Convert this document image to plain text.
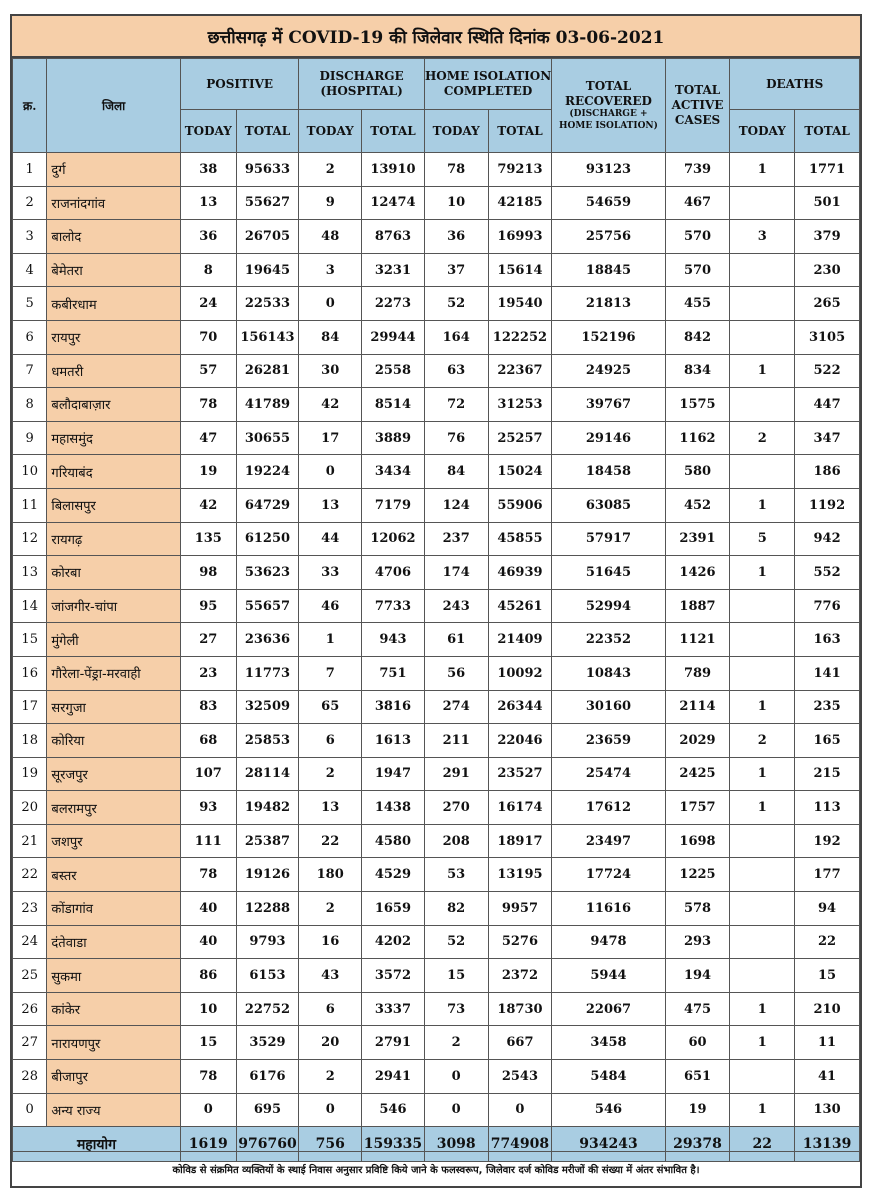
छत्तीसगढ़ में COVID-19 की जिलेवार स्थिति दिनांक 03-06-2021
क्र.	जिला	POSITIVE		DISCHARGE (HOSPITAL)		HOME ISOLATION COMPLETED		TOTAL RECOVERED
(DISCHARGE + HOME ISOLATION)	TOTAL ACTIVE CASES	DEATHS	
		TODAY	TOTAL	TODAY	TOTAL	TODAY	TOTAL			TODAY	TOTAL
1	दुर्ग	38	95633	2	13910	78	79213	93123	739	1	1771
2	राजनांदगांव	13	55627	9	12474	10	42185	54659	467		501
3	बालोद	36	26705	48	8763	36	16993	25756	570	3	379
4	बेमेतरा	8	19645	3	3231	37	15614	18845	570		230
5	कबीरधाम	24	22533	0	2273	52	19540	21813	455		265
6	रायपुर	70	156143	84	29944	164	122252	152196	842		3105
7	धमतरी	57	26281	30	2558	63	22367	24925	834	1	522
8	बलौदाबाज़ार	78	41789	42	8514	72	31253	39767	1575		447
9	महासमुंद	47	30655	17	3889	76	25257	29146	1162	2	347
10	गरियाबंद	19	19224	0	3434	84	15024	18458	580		186
11	बिलासपुर	42	64729	13	7179	124	55906	63085	452	1	1192
12	रायगढ़	135	61250	44	12062	237	45855	57917	2391	5	942
13	कोरबा	98	53623	33	4706	174	46939	51645	1426	1	552
14	जांजगीर-चांपा	95	55657	46	7733	243	45261	52994	1887		776
15	मुंगेली	27	23636	1	943	61	21409	22352	1121		163
16	गौरेला-पेंड्रा-मरवाही	23	11773	7	751	56	10092	10843	789		141
17	सरगुजा	83	32509	65	3816	274	26344	30160	2114	1	235
18	कोरिया	68	25853	6	1613	211	22046	23659	2029	2	165
19	सूरजपुर	107	28114	2	1947	291	23527	25474	2425	1	215
20	बलरामपुर	93	19482	13	1438	270	16174	17612	1757	1	113
21	जशपुर	111	25387	22	4580	208	18917	23497	1698		192
22	बस्तर	78	19126	180	4529	53	13195	17724	1225		177
23	कोंडागांव	40	12288	2	1659	82	9957	11616	578		94
24	दंतेवाडा	40	9793	16	4202	52	5276	9478	293		22
25	सुकमा	86	6153	43	3572	15	2372	5944	194		15
26	कांकेर	10	22752	6	3337	73	18730	22067	475	1	210
27	नारायणपुर	15	3529	20	2791	2	667	3458	60	1	11
28	बीजापुर	78	6176	2	2941	0	2543	5484	651		41
0	अन्य राज्य	0	695	0	546	0	0	546	19	1	130
महायोग		1619	976760	756	159335	3098	774908	934243	29378	22	13139
कोविड से संक्रमित व्यक्तियों के स्थाई निवास अनुसार प्रविष्टि किये जाने के फलस्वरूप, जिलेवार दर्ज कोविड मरीजों की संख्या में अंतर संभावित है।
